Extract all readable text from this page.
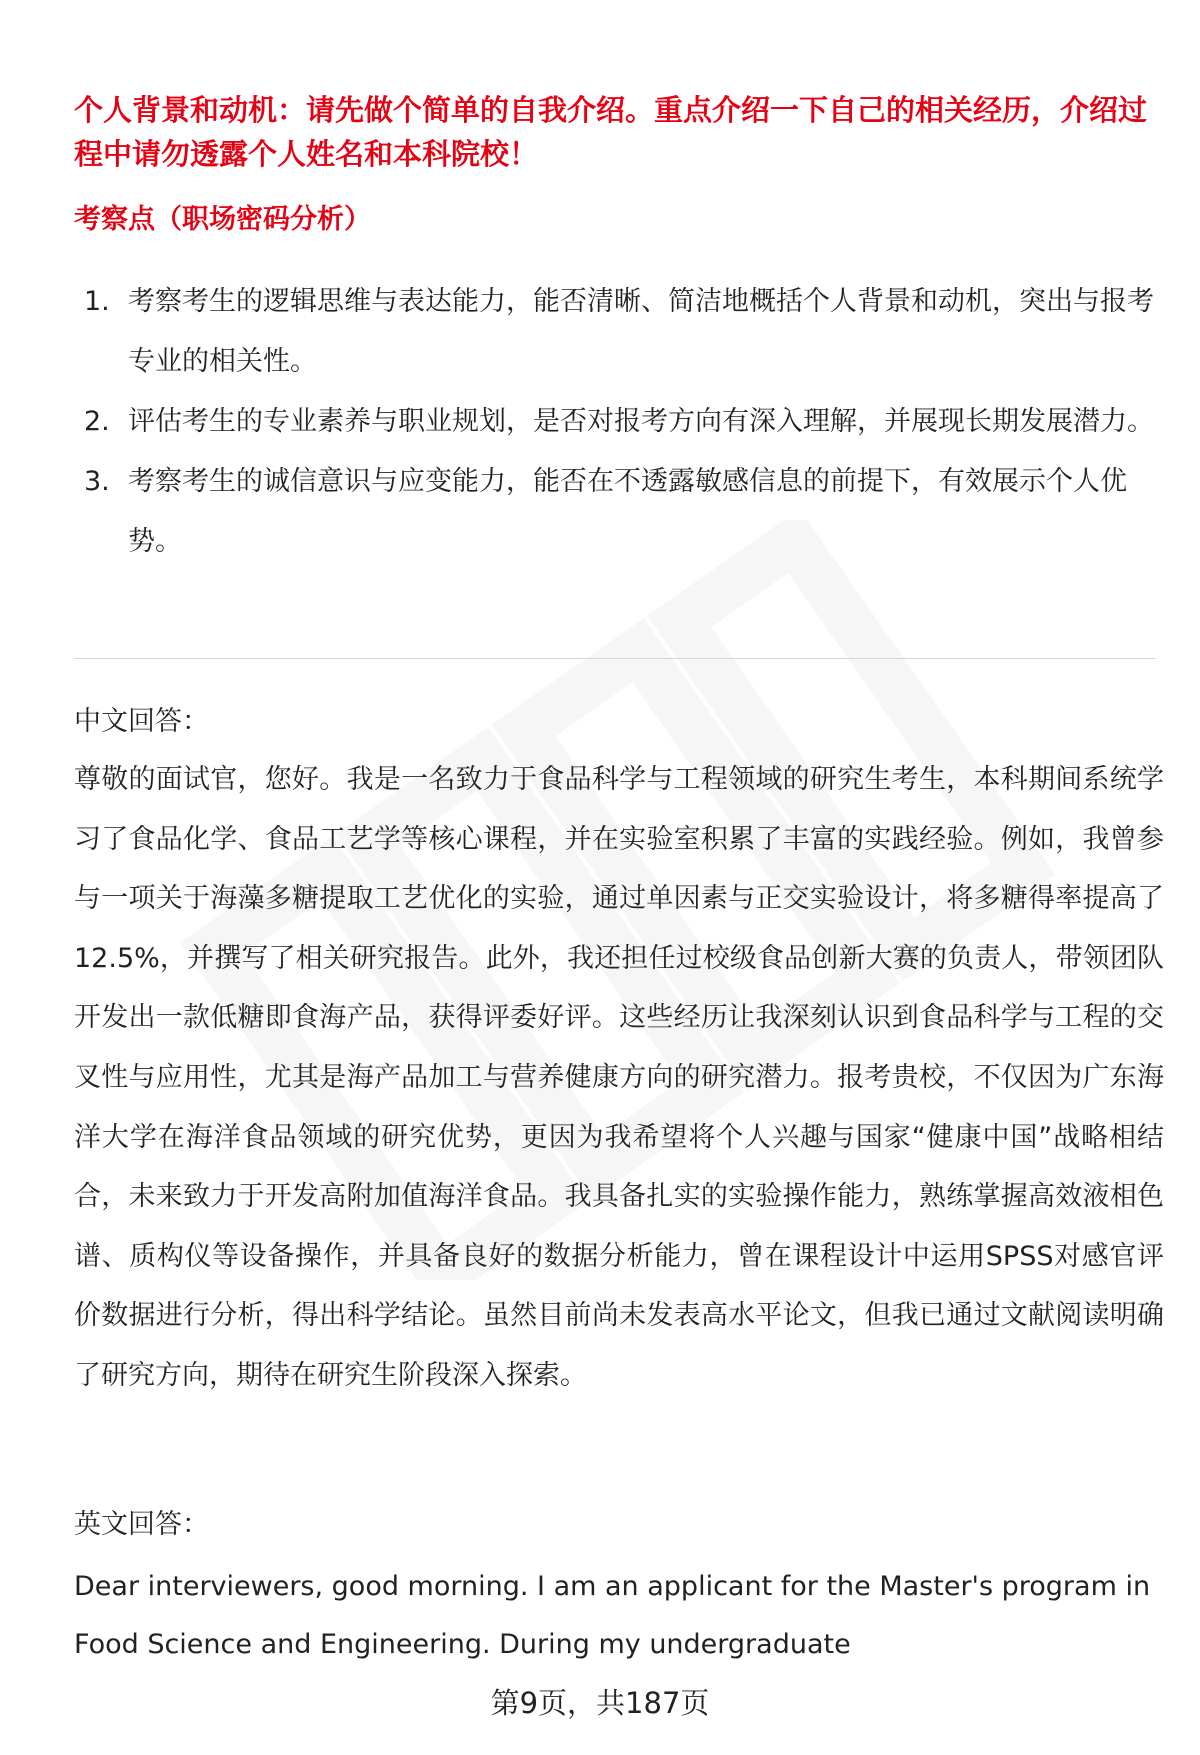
个人背景和动机：请先做个简单的自我介绍。重点介绍一下自己的相关经历，介绍过程中请勿透露个人姓名和本科院校！

考察点（职场密码分析）
1. 考察考生的逻辑思维与表达能力，能否清晰、简洁地概括个人背景和动机，突出与报考专业的相关性。
2. 评估考生的专业素养与职业规划，是否对报考方向有深入理解，并展现长期发展潜力。
3. 考察考生的诚信意识与应变能力，能否在不透露敏感信息的前提下，有效展示个人优势。

中文回答：

尊敬的面试官，您好。我是一名致力于食品科学与工程领域的研究生考生，本科期间系统学习了食品化学、食品工艺学等核心课程，并在实验室积累了丰富的实践经验。例如，我曾参与一项关于海藻多糖提取工艺优化的实验，通过单因素与正交实验设计，将多糖得率提高了12.5%，并撰写了相关研究报告。此外，我还担任过校级食品创新大赛的负责人，带领团队开发出一款低糖即食海产品，获得评委好评。这些经历让我深刻认识到食品科学与工程的交叉性与应用性，尤其是海产品加工与营养健康方向的研究潜力。报考贵校，不仅因为广东海洋大学在海洋食品领域的研究优势，更因为我希望将个人兴趣与国家“健康中国”战略相结合，未来致力于开发高附加值海洋食品。我具备扎实的实验操作能力，熟练掌握高效液相色谱、质构仪等设备操作，并具备良好的数据分析能力，曾在课程设计中运用SPSS对感官评价数据进行分析，得出科学结论。虽然目前尚未发表高水平论文，但我已通过文献阅读明确了研究方向，期待在研究生阶段深入探索。

英文回答：

Dear interviewers, good morning. I am an applicant for the Master's program in Food Science and Engineering. During my undergraduate

第9页，共187页
